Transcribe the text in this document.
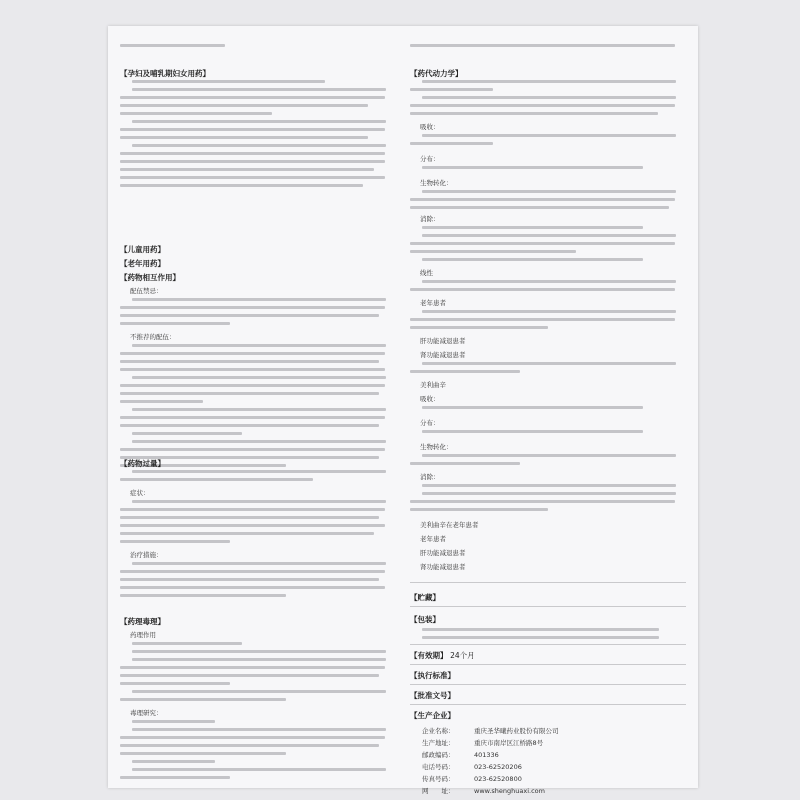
【孕妇及哺乳期妇女用药】
【儿童用药】
【老年用药】
【药物相互作用】
配伍禁忌：
不推荐的配伍：
【药物过量】
症状：
治疗措施：
【药理毒理】
药理作用
毒理研究：
【药代动力学】
吸收：
分布：
生物转化：
消除：
线性
老年患者
肝功能减退患者
肾功能减退患者
美利曲辛
吸收：
分布：
生物转化：
消除：
美利曲辛在老年患者
老年患者
肝功能减退患者
肾功能减退患者
【贮藏】
【包装】
【有效期】 24个月
【执行标准】
【批准文号】
【生产企业】
企业名称：	重庆圣华曦药业股份有限公司
生产地址：	重庆市南岸区江桥路8号
邮政编码：	401336
电话号码：	023-62520206
传真号码：	023-62520800
网　　址：	www.shenghuaxi.com
